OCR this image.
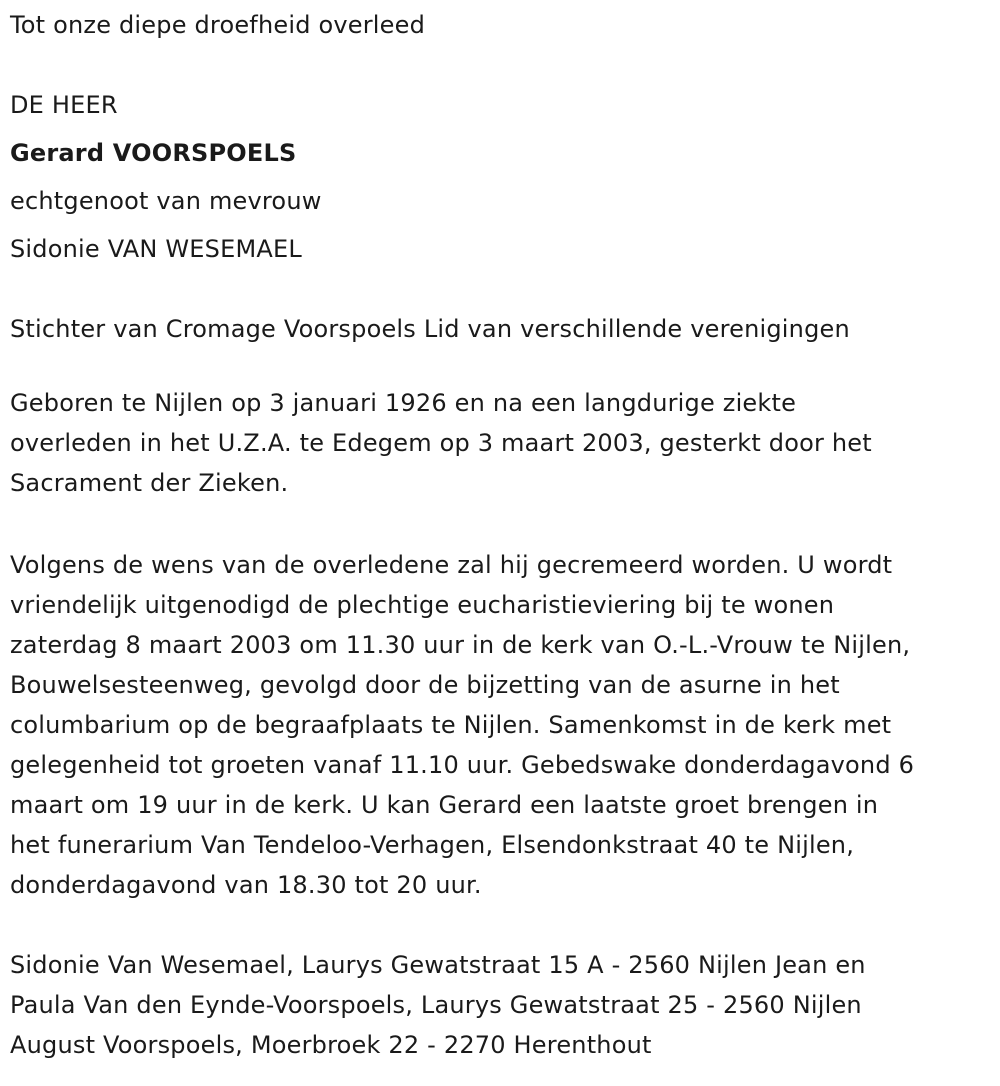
Tot onze diepe droefheid overleed
DE HEER
Gerard VOORSPOELS
echtgenoot van mevrouw
Sidonie VAN WESEMAEL
Stichter van Cromage Voorspoels Lid van verschillende verenigingen
Geboren te Nijlen op 3 januari 1926 en na een langdurige ziekte
overleden in het U.Z.A. te Edegem op 3 maart 2003, gesterkt door het
Sacrament der Zieken.
Volgens de wens van de overledene zal hij gecremeerd worden. U wordt
vriendelijk uitgenodigd de plechtige eucharistieviering bij te wonen
zaterdag 8 maart 2003 om 11.30 uur in de kerk van O.-L.-Vrouw te Nijlen,
Bouwelsesteenweg, gevolgd door de bijzetting van de asurne in het
columbarium op de begraafplaats te Nijlen. Samenkomst in de kerk met
gelegenheid tot groeten vanaf 11.10 uur. Gebedswake donderdagavond 6
maart om 19 uur in de kerk. U kan Gerard een laatste groet brengen in
het funerarium Van Tendeloo-Verhagen, Elsendonkstraat 40 te Nijlen,
donderdagavond van 18.30 tot 20 uur.
Sidonie Van Wesemael, Laurys Gewatstraat 15 A - 2560 Nijlen Jean en
Paula Van den Eynde-Voorspoels, Laurys Gewatstraat 25 - 2560 Nijlen
August Voorspoels, Moerbroek 22 - 2270 Herenthout
